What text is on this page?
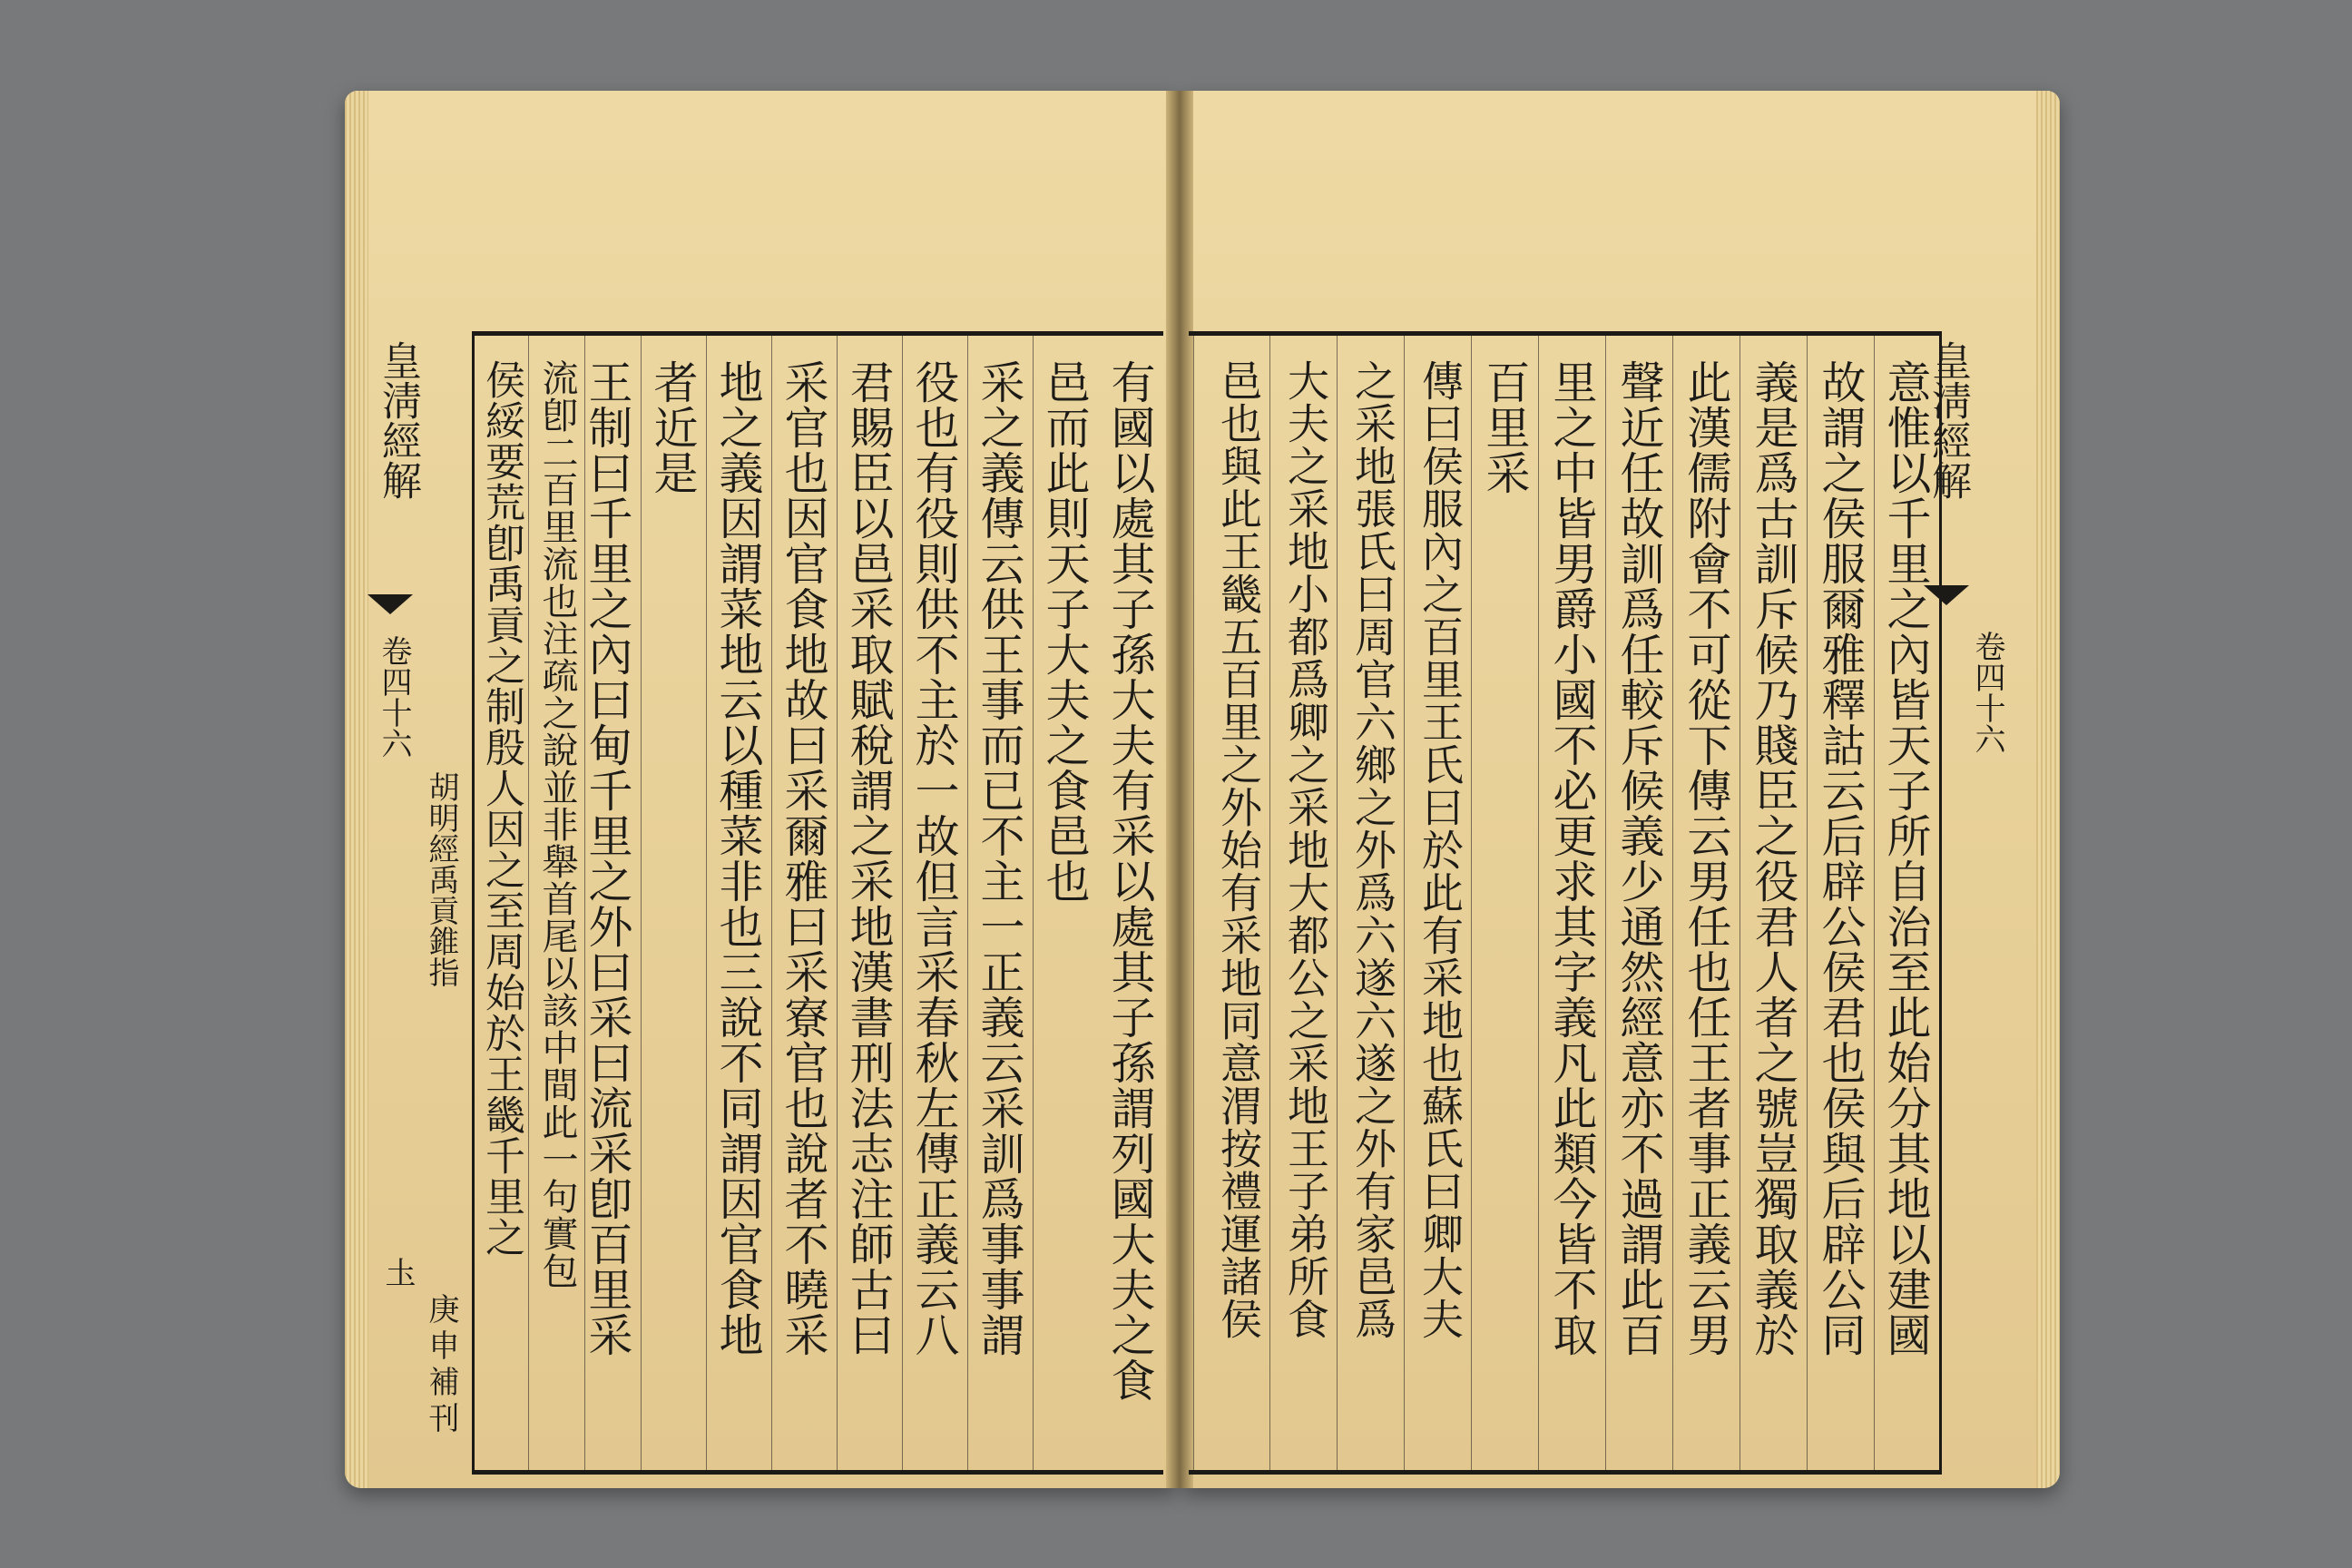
皇淸經解
卷四十六
胡明經禹貢錐指
圡
庚申補刊	有國以處其子孫大夫有采以處其子孫謂列國大夫之食
邑而此則天子大夫之食邑也
采之義傳云供王事而已不主一正義云采訓爲事事謂
役也有役則供不主於一故但言采春秋左傳正義云八
君賜臣以邑采取賦稅謂之采地漢書刑法志注師古曰
采官也因官食地故曰采爾雅曰采寮官也說者不曉采
地之義因謂菜地云以種菜非也三說不同謂因官食地
者近是
王制曰千里之內曰甸千里之外曰采曰流采卽百里采
流卽二百里流也注疏之說並非舉首尾以該中間此一句實包
侯綏要荒卽禹貢之制殷人因之至周始於王畿千里之	意惟以千里之內皆天子所自治至此始分其地以建國
故謂之侯服爾雅釋詁云后辟公侯君也侯與后辟公同
義是爲古訓斥候乃賤臣之役君人者之號豈獨取義於
此漢儒附會不可從下傳云男任也任王者事正義云男
聲近任故訓爲任較斥候義少通然經意亦不過謂此百
里之中皆男爵小國不必更求其字義凡此類今皆不取
百里采
傳曰侯服內之百里王氏曰於此有采地也蘇氏曰卿大夫
之采地張氏曰周官六鄉之外爲六遂六遂之外有家邑爲
大夫之采地小都爲卿之采地大都公之采地王子弟所食
邑也與此王畿五百里之外始有采地同意渭按禮運諸侯	皇淸經解
卷四十六
